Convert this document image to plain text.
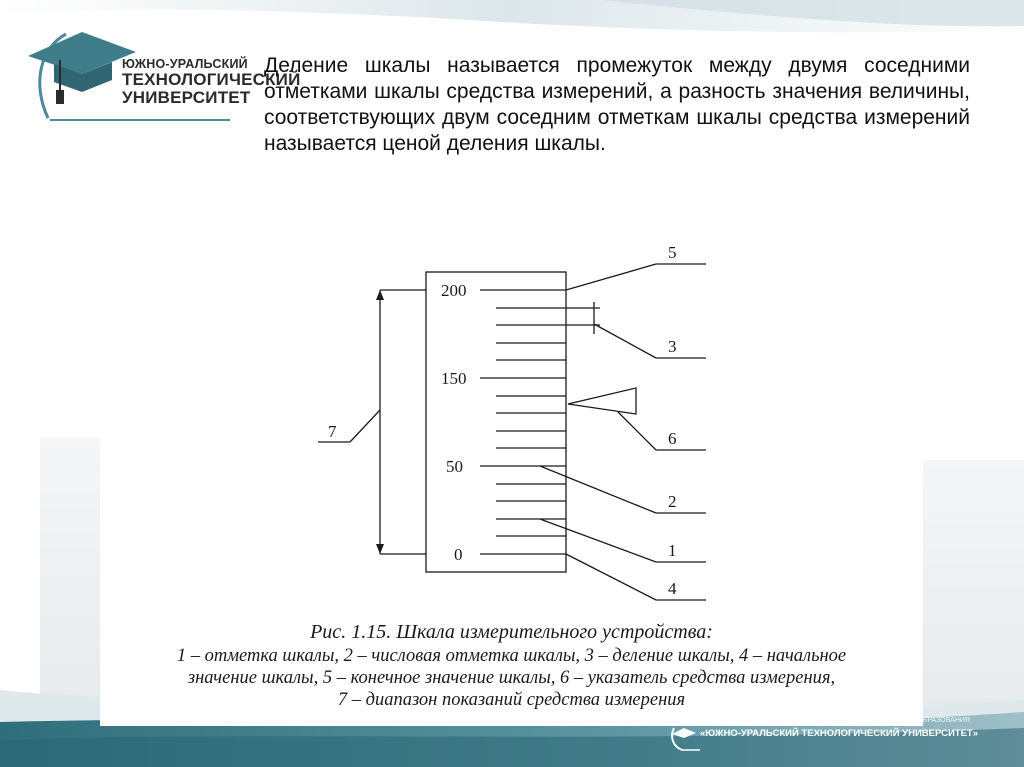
ЮЖНО-УРАЛЬСКИЙ
ТЕХНОЛОГИЧЕСКИЙ
УНИВЕРСИТЕТ

Деление шкалы называется промежуток между двумя соседними отметками шкалы средства измерений, а разность значения величины, соответствующих двум соседним отметкам шкалы средства измерений называется ценой деления шкалы.

200
150
50
0
5
3
6
2
1
4
7
Рис. 1.15. Шкала измерительного устройства:
1 – отметка шкалы, 2 – числовая отметка шкалы, 3 – деление шкалы, 4 – начальное
значение шкалы, 5 – конечное значение шкалы, 6 – указатель средства измерения,
7 – диапазон показаний средства измерения
…ГО ОБРАЗОВАНИЯ
«ЮЖНО-УРАЛЬСКИЙ ТЕХНОЛОГИЧЕСКИЙ УНИВЕРСИТЕТ»
